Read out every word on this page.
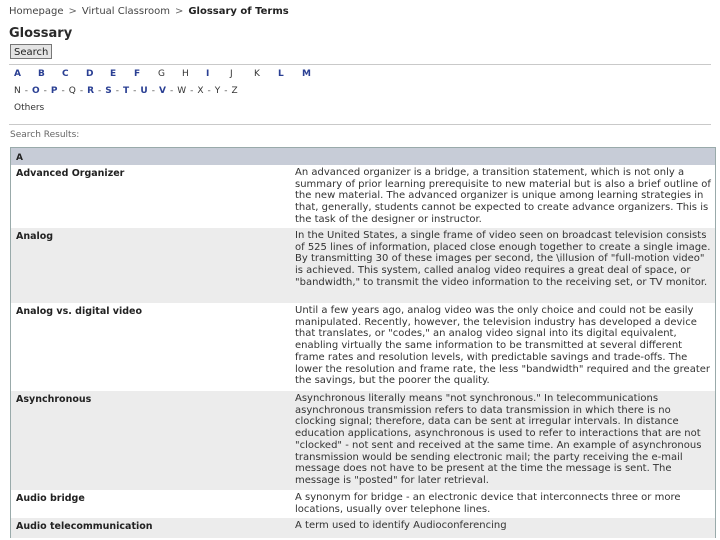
Homepage > Virtual Classroom > Glossary of Terms
Glossary
Search
A B C D E F G H I J K L M
N - O - P - Q - R - S - T - U - V - W - X - Y - Z
Others
Search Results:
A
Advanced Organizer	An advanced organizer is a bridge, a transition statement, which is not only a summary of prior learning prerequisite to new material but is also a brief outline of the new material. The advanced organizer is unique among learning strategies in that, generally, students cannot be expected to create advance organizers. This is the task of the designer or instructor.
Analog	In the United States, a single frame of video seen on broadcast television consists of 525 lines of information, placed close enough together to create a single image. By transmitting 30 of these images per second, the \illusion of "full-motion video" is achieved. This system, called analog video requires a great deal of space, or "bandwidth," to transmit the video information to the receiving set, or TV monitor.
Analog vs. digital video	Until a few years ago, analog video was the only choice and could not be easily manipulated. Recently, however, the television industry has developed a device that translates, or "codes," an analog video signal into its digital equivalent, enabling virtually the same information to be transmitted at several different frame rates and resolution levels, with predictable savings and trade-offs. The lower the resolution and frame rate, the less "bandwidth" required and the greater the savings, but the poorer the quality.
Asynchronous	Asynchronous literally means "not synchronous." In telecommunications asynchronous transmission refers to data transmission in which there is no clocking signal; therefore, data can be sent at irregular intervals. In distance education applications, asynchronous is used to refer to interactions that are not "clocked" - not sent and received at the same time. An example of asynchronous transmission would be sending electronic mail; the party receiving the e-mail message does not have to be present at the time the message is sent. The message is "posted" for later retrieval.
Audio bridge	A synonym for bridge - an electronic device that interconnects three or more locations, usually over telephone lines.
Audio telecommunication	A term used to identify Audioconferencing
